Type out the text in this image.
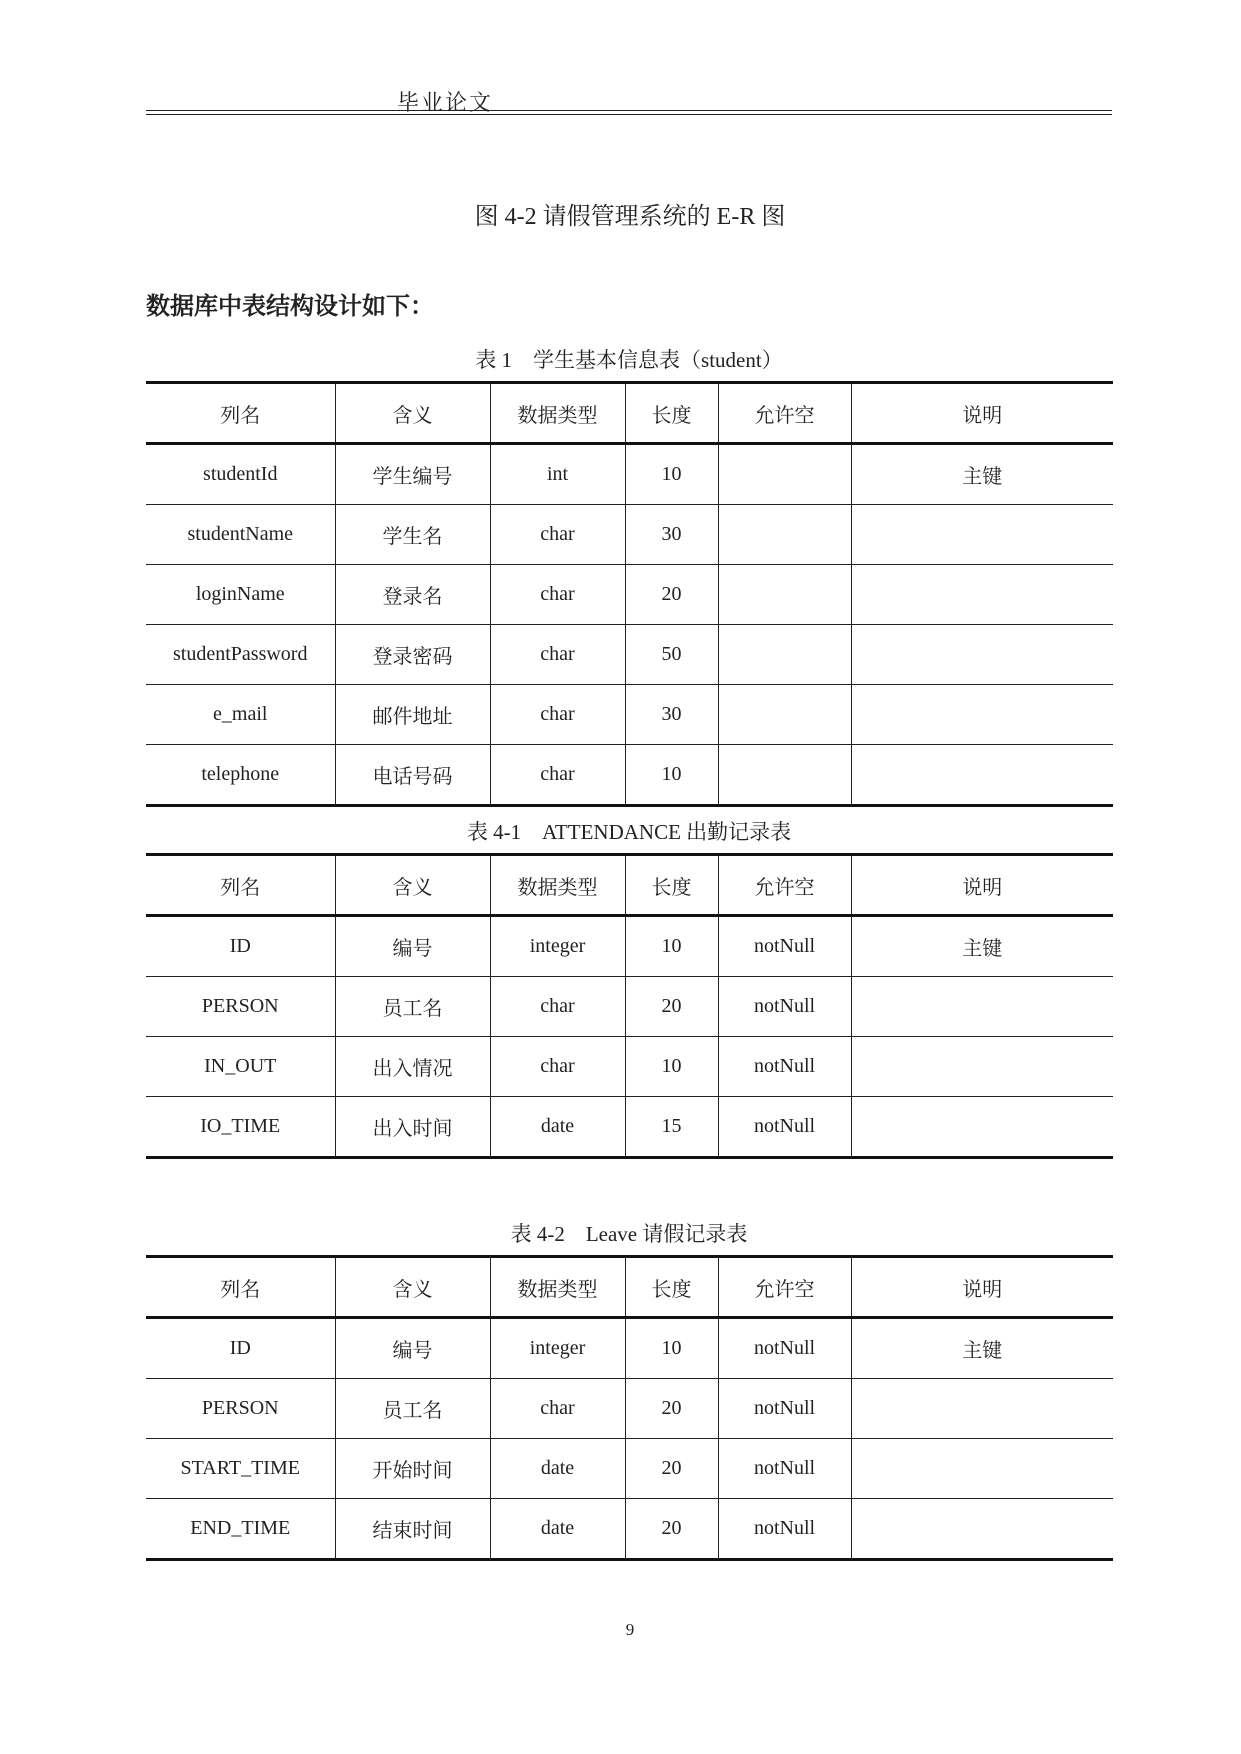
毕业论文
图 4-2 请假管理系统的 E-R 图
数据库中表结构设计如下：
表 1　学生基本信息表（student）
列名	含义	数据类型	长度	允许空	说明
studentId	学生编号	int	10		主键
studentName	学生名	char	30		
loginName	登录名	char	20		
studentPassword	登录密码	char	50		
e_mail	邮件地址	char	30		
telephone	电话号码	char	10		
表 4-1　ATTENDANCE 出勤记录表
列名	含义	数据类型	长度	允许空	说明
ID	编号	integer	10	notNull	主键
PERSON	员工名	char	20	notNull	
IN_OUT	出入情况	char	10	notNull	
IO_TIME	出入时间	date	15	notNull	
表 4-2　Leave 请假记录表
列名	含义	数据类型	长度	允许空	说明
ID	编号	integer	10	notNull	主键
PERSON	员工名	char	20	notNull	
START_TIME	开始时间	date	20	notNull	
END_TIME	结束时间	date	20	notNull	
9
